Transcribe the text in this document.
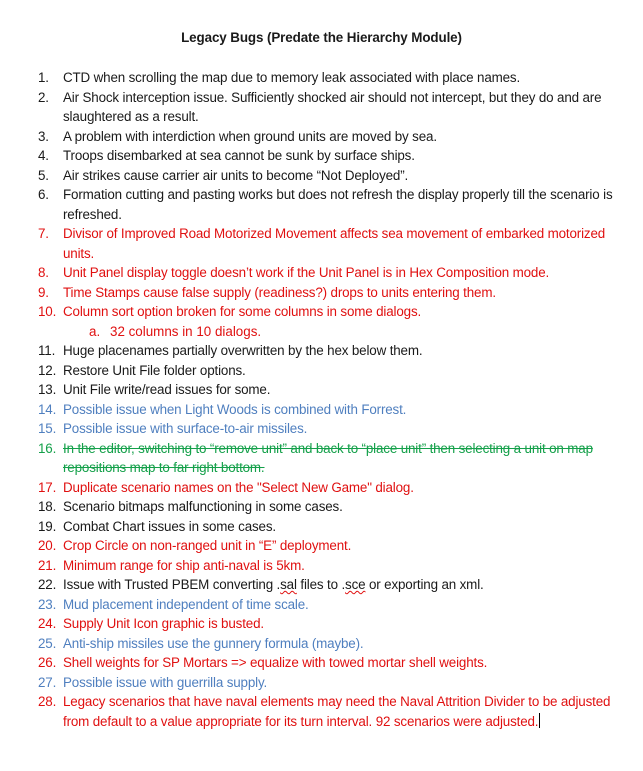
Legacy Bugs (Predate the Hierarchy Module)
1. CTD when scrolling the map due to memory leak associated with place names.
2. Air Shock interception issue. Sufficiently shocked air should not intercept, but they do and are slaughtered as a result.
3. A problem with interdiction when ground units are moved by sea.
4. Troops disembarked at sea cannot be sunk by surface ships.
5. Air strikes cause carrier air units to become “Not Deployed”.
6. Formation cutting and pasting works but does not refresh the display properly till the scenario is refreshed.
7. Divisor of Improved Road Motorized Movement affects sea movement of embarked motorized units.
8. Unit Panel display toggle doesn’t work if the Unit Panel is in Hex Composition mode.
9. Time Stamps cause false supply (readiness?) drops to units entering them.
10. Column sort option broken for some columns in some dialogs.
a. 32 columns in 10 dialogs.
11. Huge placenames partially overwritten by the hex below them.
12. Restore Unit File folder options.
13. Unit File write/read issues for some.
14. Possible issue when Light Woods is combined with Forrest.
15. Possible issue with surface-to-air missiles.
16. In the editor, switching to “remove unit” and back to “place unit” then selecting a unit on map repositions map to far right bottom.
17. Duplicate scenario names on the "Select New Game" dialog.
18. Scenario bitmaps malfunctioning in some cases.
19. Combat Chart issues in some cases.
20. Crop Circle on non-ranged unit in “E” deployment.
21. Minimum range for ship anti-naval is 5km.
22. Issue with Trusted PBEM converting .sal files to .sce or exporting an xml.
23. Mud placement independent of time scale.
24. Supply Unit Icon graphic is busted.
25. Anti-ship missiles use the gunnery formula (maybe).
26. Shell weights for SP Mortars => equalize with towed mortar shell weights.
27. Possible issue with guerrilla supply.
28. Legacy scenarios that have naval elements may need the Naval Attrition Divider to be adjusted from default to a value appropriate for its turn interval. 92 scenarios were adjusted.
